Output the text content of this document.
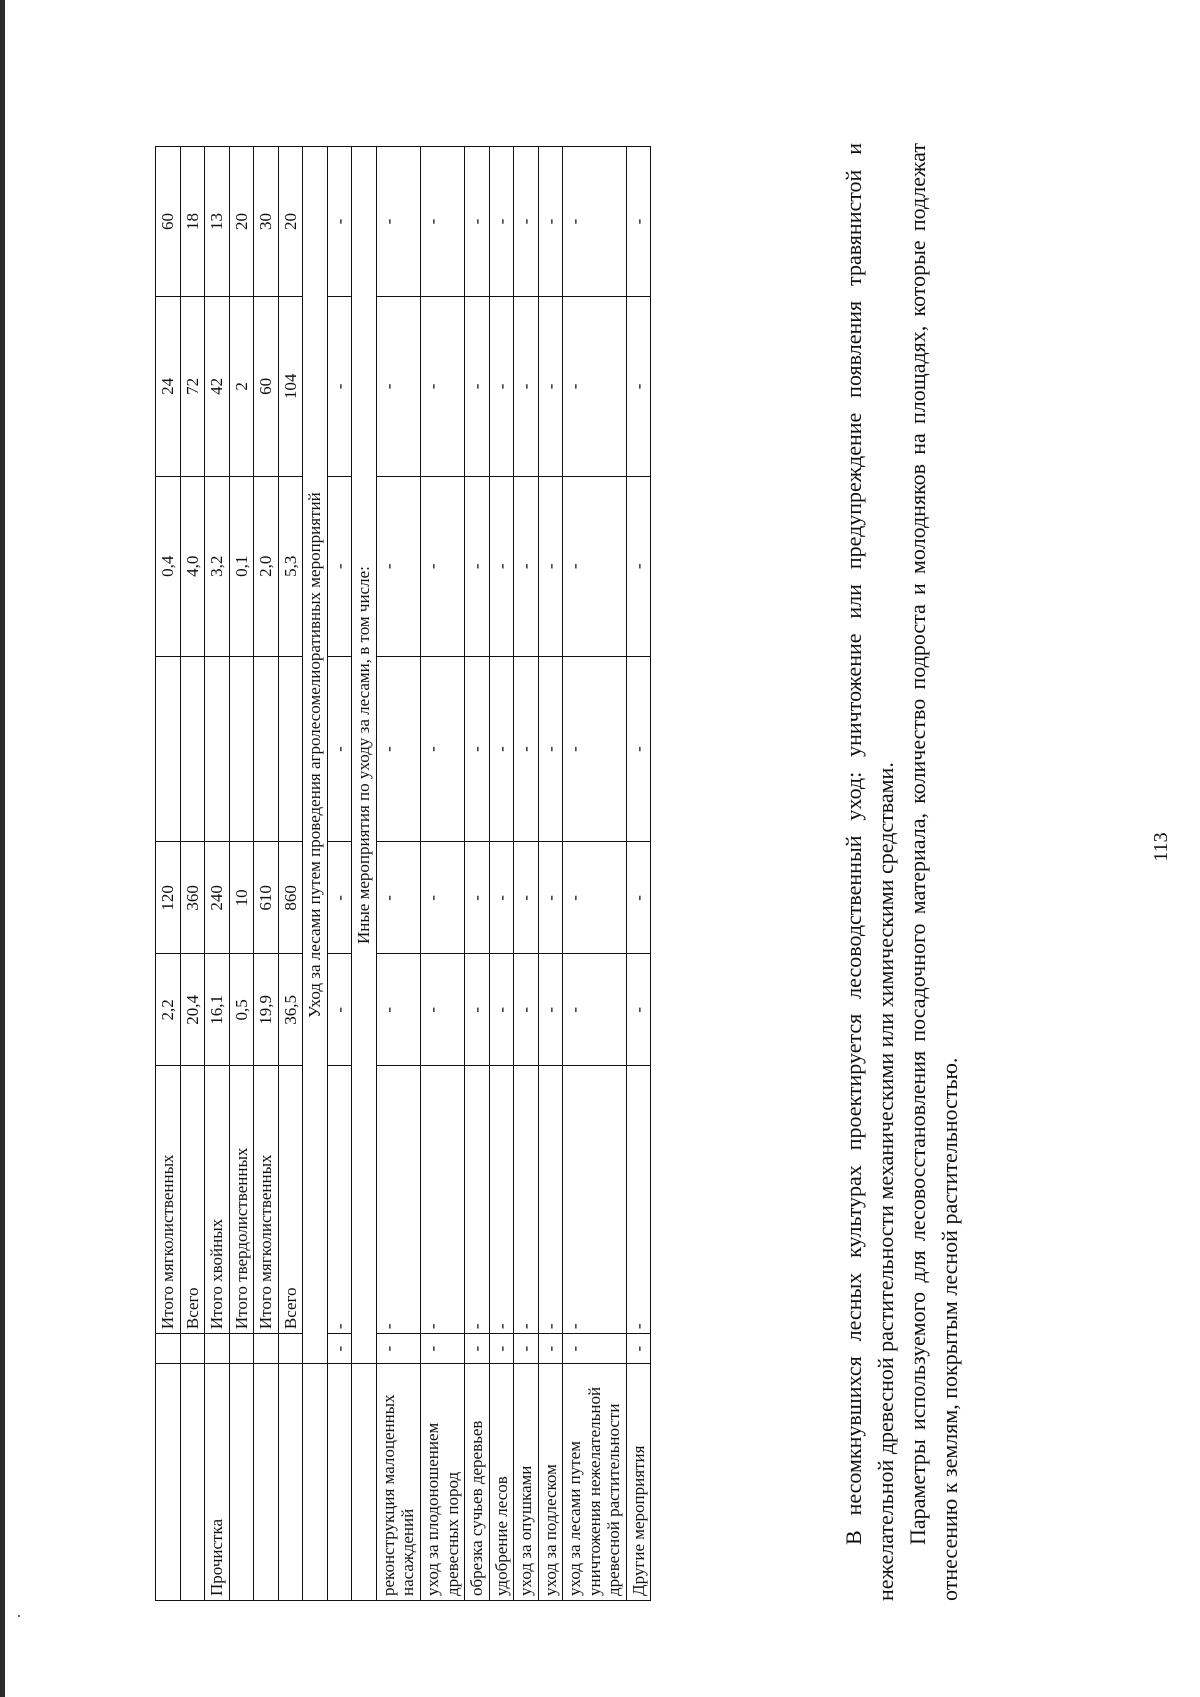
		Итого мягколиственных	2,2	120		0,4	24	60
		Всего	20,4	360		4,0	72	18
Прочистка		Итого хвойных	16,1	240		3,2	42	13
		Итого твердолиственных	0,5	10		0,1	2	20
		Итого мягколиственных	19,9	610		2,0	60	30
		Всего	36,5	860		5,3	104	20
	Уход за лесами путем проведения агролесомелиоративных мероприятий							
	-	-	-	-	-	-	-	-
	Иные мероприятия по уходу за лесами, в том числе:							
реконструкция малоценных насаждений	-	-	-	-	-	-	-	-
уход за плодоношением древесных пород	-	-	-	-	-	-	-	-
обрезка сучьев деревьев	-	-	-	-	-	-	-	-
удобрение лесов	-	-	-	-	-	-	-	-
уход за опушками	-	-	-	-	-	-	-	-
уход за подлеском	-	-	-	-	-	-	-	-
уход за лесами путем уничтожения нежелательной древесной растительности	-	-	-	-	-	-	-	-
Другие мероприятия	-	-	-	-	-	-	-	-	В несомкнувшихся лесных культурах проектируется лесоводственный уход: уничтожение или предупреждение появления травянистой и нежелательной древесной растительности механическими или химическими средствами. Параметры используемого для лесовосстановления посадочного материала, количество подроста и молодняков на площадях, которые подлежат отнесению к землям, покрытым лесной растительностью.

113
